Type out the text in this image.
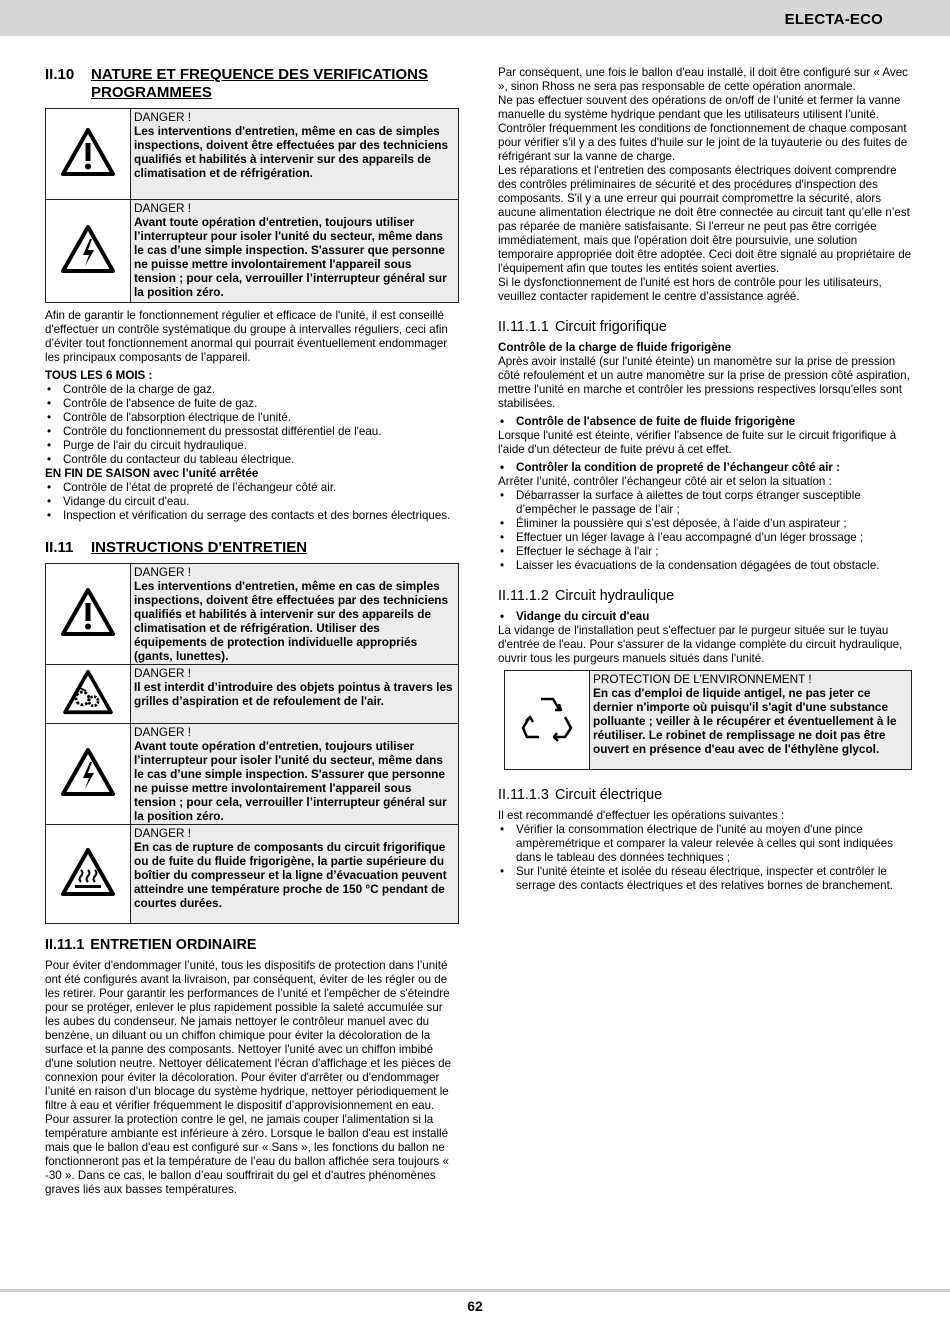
ELECTA-ECO
II.10	NATURE ET FREQUENCE DES VERIFICATIONS PROGRAMMEES

DANGER !
Les interventions d'entretien, même en cas de simples inspections, doivent être effectuées par des techniciens qualifiés et habilités à intervenir sur des appareils de climatisation et de réfrigération.

DANGER !
Avant toute opération d'entretien, toujours utiliser l’interrupteur pour isoler l'unité du secteur, même dans le cas d’une simple inspection. S'assurer que personne ne puisse mettre involontairement l'appareil sous tension ; pour cela, verrouiller l’interrupteur général sur la position zéro.

Afin de garantir le fonctionnement régulier et efficace de l'unité, il est conseillé d'effectuer un contrôle systématique du groupe à intervalles réguliers, ceci afin d’éviter tout fonctionnement anormal qui pourrait éventuellement endommager les principaux composants de l’appareil.

TOUS LES 6 MOIS :

• Contrôle de la charge de gaz.
• Contrôle de l'absence de fuite de gaz.
• Contrôle de l'absorption électrique de l'unité.
• Contrôle du fonctionnement du pressostat différentiel de l'eau.
• Purge de l'air du circuit hydraulique.
• Contrôle du contacteur du tableau électrique.

EN FIN DE SAISON avec l’unité arrêtée

• Contrôle de l’état de propreté de l’échangeur côté air.
• Vidange du circuit d'eau.
• Inspection et vérification du serrage des contacts et des bornes électriques.
II.11	INSTRUCTIONS D'ENTRETIEN

DANGER !
Les interventions d'entretien, même en cas de simples inspections, doivent être effectuées par des techniciens qualifiés et habilités à intervenir sur des appareils de climatisation et de réfrigération. Utiliser des équipements de protection individuelle appropriés (gants, lunettes).

DANGER !
Il est interdit d’introduire des objets pointus à travers les grilles d’aspiration et de refoulement de l'air.

DANGER !
Avant toute opération d'entretien, toujours utiliser l’interrupteur pour isoler l'unité du secteur, même dans le cas d’une simple inspection. S'assurer que personne ne puisse mettre involontairement l'appareil sous tension ; pour cela, verrouiller l’interrupteur général sur la position zéro.

DANGER !
En cas de rupture de composants du circuit frigorifique ou de fuite du fluide frigorigène, la partie supérieure du boîtier du compresseur et la ligne d’évacuation peuvent atteindre une température proche de 150 °C pendant de courtes durées.
II.11.1 ENTRETIEN ORDINAIRE

Pour éviter d'endommager l’unité, tous les dispositifs de protection dans l’unité ont été configurés avant la livraison, par conséquent, éviter de les régler ou de les retirer. Pour garantir les performances de l’unité et l'empêcher de s'éteindre pour se protéger, enlever le plus rapidement possible la saleté accumulée sur les aubes du condenseur. Ne jamais nettoyer le contrôleur manuel avec du benzène, un diluant ou un chiffon chimique pour éviter la décoloration de la surface et la panne des composants. Nettoyer l'unité avec un chiffon imbibé d'une solution neutre. Nettoyer délicatement l'écran d'affichage et les pièces de connexion pour éviter la décoloration. Pour éviter d'arrêter ou d'endommager l’unité en raison d'un blocage du système hydrique, nettoyer périodiquement le filtre à eau et vérifier fréquemment le dispositif d’approvisionnement en eau. Pour assurer la protection contre le gel, ne jamais couper l'alimentation si la température ambiante est inférieure à zéro. Lorsque le ballon d'eau est installé mais que le ballon d'eau est configuré sur « Sans », les fonctions du ballon ne fonctionneront pas et la température de l’eau du ballon affichée sera toujours « -30 ». Dans ce cas, le ballon d’eau souffrirait du gel et d'autres phénomènes graves liés aux basses températures.

Par conséquent, une fois le ballon d'eau installé, il doit être configuré sur « Avec », sinon Rhoss ne sera pas responsable de cette opération anormale.

Ne pas effectuer souvent des opérations de on/off de l’unité et fermer la vanne manuelle du système hydrique pendant que les utilisateurs utilisent l’unité.

Contrôler fréquemment les conditions de fonctionnement de chaque composant pour vérifier s'il y a des fuites d'huile sur le joint de la tuyauterie ou des fuites de réfrigérant sur la vanne de charge.

Les réparations et l'entretien des composants électriques doivent comprendre des contrôles préliminaires de sécurité et des procédures d'inspection des composants. S'il y a une erreur qui pourrait compromettre la sécurité, alors aucune alimentation électrique ne doit être connectée au circuit tant qu’elle n’est pas réparée de manière satisfaisante. Si l'erreur ne peut pas être corrigée immédiatement, mais que l'opération doit être poursuivie, une solution temporaire appropriée doit être adoptée. Ceci doit être signalé au propriétaire de l'équipement afin que toutes les entités soient averties.

Si le dysfonctionnement de l'unité est hors de contrôle pour les utilisateurs, veuillez contacter rapidement le centre d’assistance agréé.

II.11.1.1 Circuit frigorifique

Contrôle de la charge de fluide frigorigène

Après avoir installé (sur l'unité éteinte) un manomètre sur la prise de pression côté refoulement et un autre manomètre sur la prise de pression côté aspiration, mettre l'unité en marche et contrôler les pressions respectives lorsqu'elles sont stabilisées.

• Contrôle de l'absence de fuite de fluide frigorigène

Lorsque l'unité est éteinte, vérifier l'absence de fuite sur le circuit frigorifique à l'aide d'un détecteur de fuite prévu à cet effet.

• Contrôler la condition de propreté de l’échangeur côté air :

Arrêter l’unité, contrôler l’échangeur côté air et selon la situation :

• Débarrasser la surface à ailettes de tout corps étranger susceptible d’empêcher le passage de l’air ;
• Éliminer la poussière qui s’est déposée, à l’aide d’un aspirateur ;
• Effectuer un léger lavage à l’eau accompagné d’un léger brossage ;
• Effectuer le séchage à l'air ;
• Laisser les évacuations de la condensation dégagées de tout obstacle.
II.11.1.2 Circuit hydraulique
• Vidange du circuit d'eau

La vidange de l'installation peut s'effectuer par le purgeur située sur le tuyau d'entrée de l'eau. Pour s'assurer de la vidange complète du circuit hydraulique, ouvrir tous les purgeurs manuels situés dans l'unité.

PROTECTION DE L’ENVIRONNEMENT !
En cas d'emploi de liquide antigel, ne pas jeter ce dernier n'importe où puisqu'il s'agit d'une substance polluante ; veiller à le récupérer et éventuellement à le réutiliser. Le robinet de remplissage ne doit pas être ouvert en présence d'eau avec de l'éthylène glycol.
II.11.1.3 Circuit électrique

Il est recommandé d'effectuer les opérations suivantes :

• Vérifier la consommation électrique de l'unité au moyen d'une pince ampèremétrique et comparer la valeur relevée à celles qui sont indiquées dans le tableau des données techniques ;
• Sur l'unité éteinte et isolée du réseau électrique, inspecter et contrôler le serrage des contacts électriques et des relatives bornes de branchement.
62
